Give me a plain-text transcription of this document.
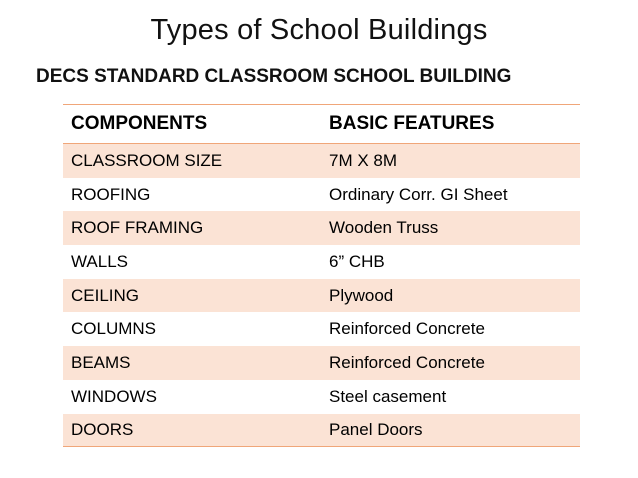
Types of School Buildings
DECS STANDARD CLASSROOM SCHOOL BUILDING
COMPONENTS	BASIC FEATURES
CLASSROOM SIZE	7M X 8M
ROOFING	Ordinary Corr. GI Sheet
ROOF FRAMING	Wooden Truss
WALLS	6” CHB
CEILING	Plywood
COLUMNS	Reinforced Concrete
BEAMS	Reinforced Concrete
WINDOWS	Steel casement
DOORS	Panel Doors
